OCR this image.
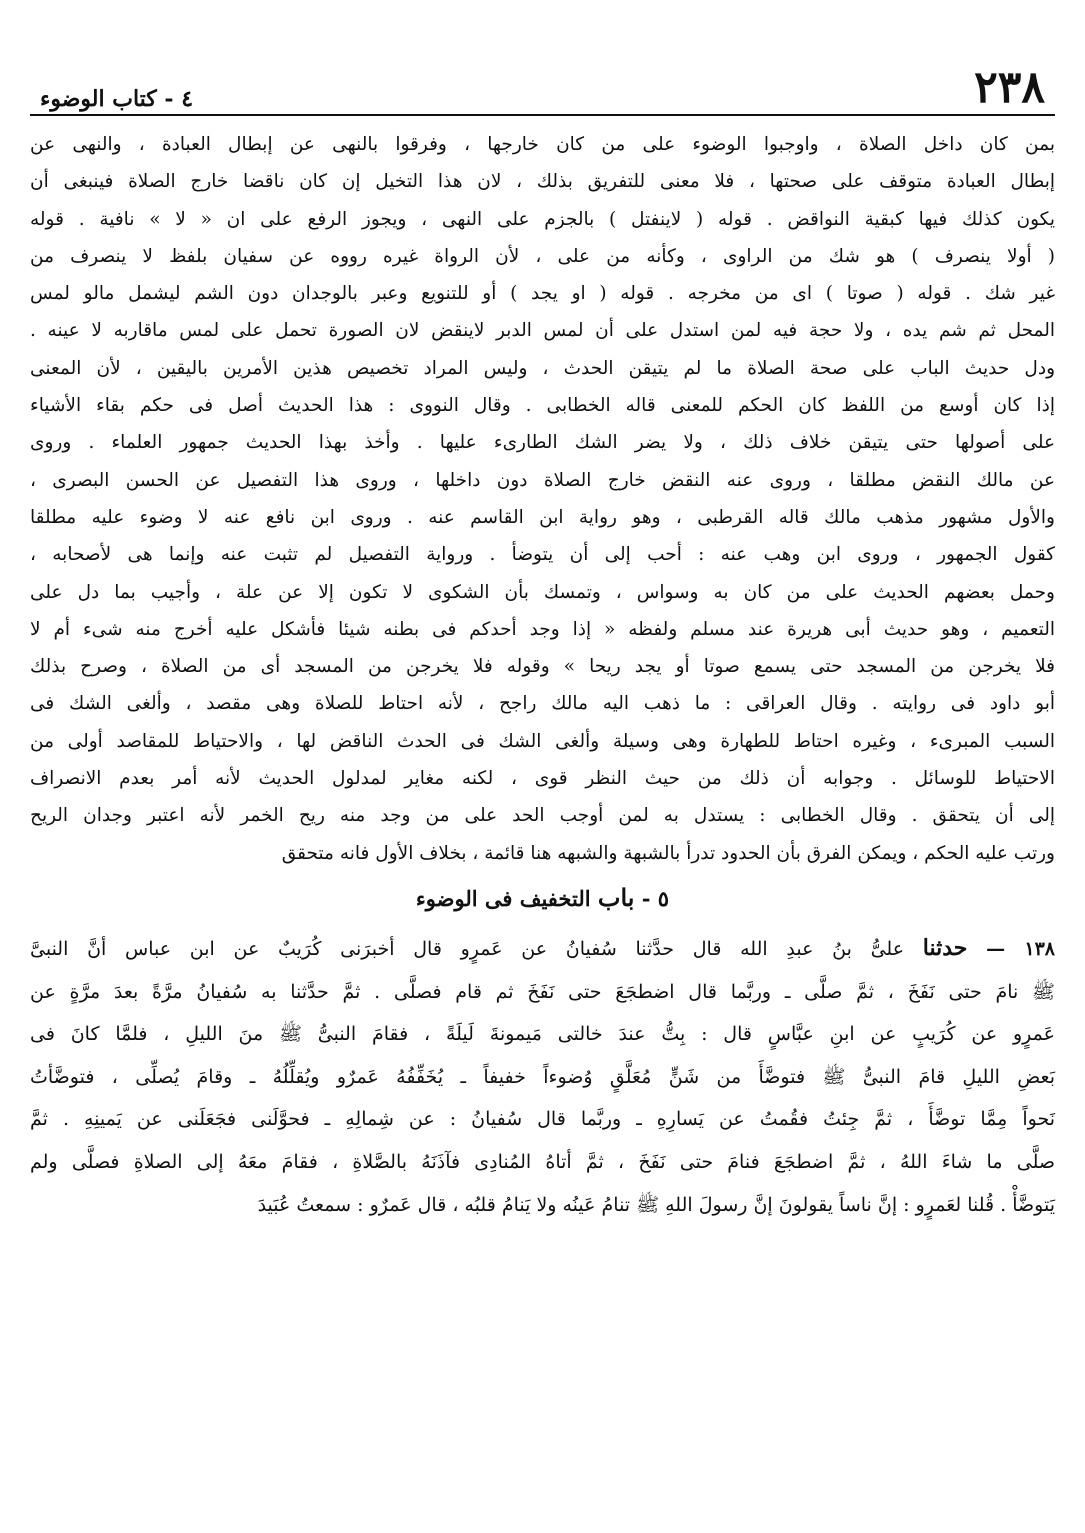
٢٣٨
٤ - كتاب الوضوء

بمن كان داخل الصلاة ، واوجبوا الوضوء على من كان خارجها ، وفرقوا بالنهى عن إبطال العبادة ، والنهى عن

إبطال العبادة متوقف على صحتها ، فلا معنى للتفريق بذلك ، لان هذا التخيل إن كان ناقضا خارج الصلاة فينبغى أن

يكون كذلك فيها كبقية النواقض . قوله ( لاينفتل ) بالجزم على النهى ، ويجوز الرفع على ان « لا » نافية . قوله

( أولا ينصرف ) هو شك من الراوى ، وكأنه من على ، لأن الرواة غيره رووه عن سفيان بلفظ لا ينصرف من

غير شك . قوله ( صوتا ) اى من مخرجه . قوله ( او يجد ) أو للتنويع وعبر بالوجدان دون الشم ليشمل مالو لمس

المحل ثم شم يده ، ولا حجة فيه لمن استدل على أن لمس الدبر لاينقض لان الصورة تحمل على لمس ماقاربه لا عينه .

ودل حديث الباب على صحة الصلاة ما لم يتيقن الحدث ، وليس المراد تخصيص هذين الأمرين باليقين ، لأن المعنى

إذا كان أوسع من اللفظ كان الحكم للمعنى قاله الخطابى . وقال النووى : هذا الحديث أصل فى حكم بقاء الأشياء

على أصولها حتى يتيقن خلاف ذلك ، ولا يضر الشك الطارىء عليها . وأخذ بهذا الحديث جمهور العلماء . وروى

عن مالك النقض مطلقا ، وروى عنه النقض خارج الصلاة دون داخلها ، وروى هذا التفصيل عن الحسن البصرى ،

والأول مشهور مذهب مالك قاله القرطبى ، وهو رواية ابن القاسم عنه . وروى ابن نافع عنه لا وضوء عليه مطلقا

كقول الجمهور ، وروى ابن وهب عنه : أحب إلى أن يتوضأ . ورواية التفصيل لم تثبت عنه وإنما هى لأصحابه ،

وحمل بعضهم الحديث على من كان به وسواس ، وتمسك بأن الشكوى لا تكون إلا عن علة ، وأجيب بما دل على

التعميم ، وهو حديث أبى هريرة عند مسلم ولفظه « إذا وجد أحدكم فى بطنه شيئا فأشكل عليه أخرج منه شىء أم لا

فلا يخرجن من المسجد حتى يسمع صوتا أو يجد ريحا » وقوله فلا يخرجن من المسجد أى من الصلاة ، وصرح بذلك

أبو داود فى روايته . وقال العراقى : ما ذهب اليه مالك راجح ، لأنه احتاط للصلاة وهى مقصد ، وألغى الشك فى

السبب المبرىء ، وغيره احتاط للطهارة وهى وسيلة وألغى الشك فى الحدث الناقض لها ، والاحتياط للمقاصد أولى من

الاحتياط للوسائل . وجوابه أن ذلك من حيث النظر قوى ، لكنه مغاير لمدلول الحديث لأنه أمر بعدم الانصراف

إلى أن يتحقق . وقال الخطابى : يستدل به لمن أوجب الحد على من وجد منه ريح الخمر لأنه اعتبر وجدان الريح

ورتب عليه الحكم ، ويمكن الفرق بأن الحدود تدرأ بالشبهة والشبهه هنا قائمة ، بخلاف الأول فانه متحقق

٥ - باب التخفيف فى الوضوء

١٣٨ — حدثنا علىُّ بنُ عبدِ الله قال حدَّثنا سُفيانُ عن عَمرٍو قال أخبرَنى كُرَيبٌ عن ابن عباس أنَّ النبىَّ

ﷺ نامَ حتى نَفَخَ ، ثمَّ صلَّى ـ وربَّما قال اضطجَعَ حتى نَفَخَ ثم قام فصلَّى . ثمَّ حدَّثنا به سُفيانُ مرَّةً بعدَ مرَّةٍ عن

عَمرٍو عن كُرَيبٍ عن ابنِ عبَّاسٍ قال : بِتُّ عندَ خالتى مَيمونةَ لَيلَةً ، فقامَ النبىُّ ﷺ منَ الليلِ ، فلمَّا كانَ فى

بَعضِ الليلِ قامَ النبىُّ ﷺ فتوضَّأَ من شَنٍّ مُعَلَّقٍ وُضوءاً خفيفاً ـ يُخَفِّفُهُ عَمرٌو ويُقلِّلُهُ ـ وقامَ يُصلِّى ، فتوضَّأتُ

نَحواً مِمَّا توضَّأَ ، ثمَّ جِئتُ فقُمتُ عن يَسارِهِ ـ وربَّما قال سُفيانُ : عن شِمالِهِ ـ فحوَّلَنى فجَعَلَنى عن يَمينِهِ . ثمَّ

صلَّى ما شاءَ اللهُ ، ثمَّ اضطجَعَ فنامَ حتى نَفَخَ ، ثمَّ أتاهُ المُنادِى فآذَنَهُ بالصَّلاةِ ، فقامَ معَهُ إلى الصلاةِ فصلَّى ولم

يَتوضَّأْ . قُلنا لعَمرٍو : إنَّ ناساً يقولونَ إنَّ رسولَ اللهِ ﷺ تنامُ عَينُه ولا يَنامُ قلبُه ، قال عَمرٌو : سمعتُ عُبَيدَ
